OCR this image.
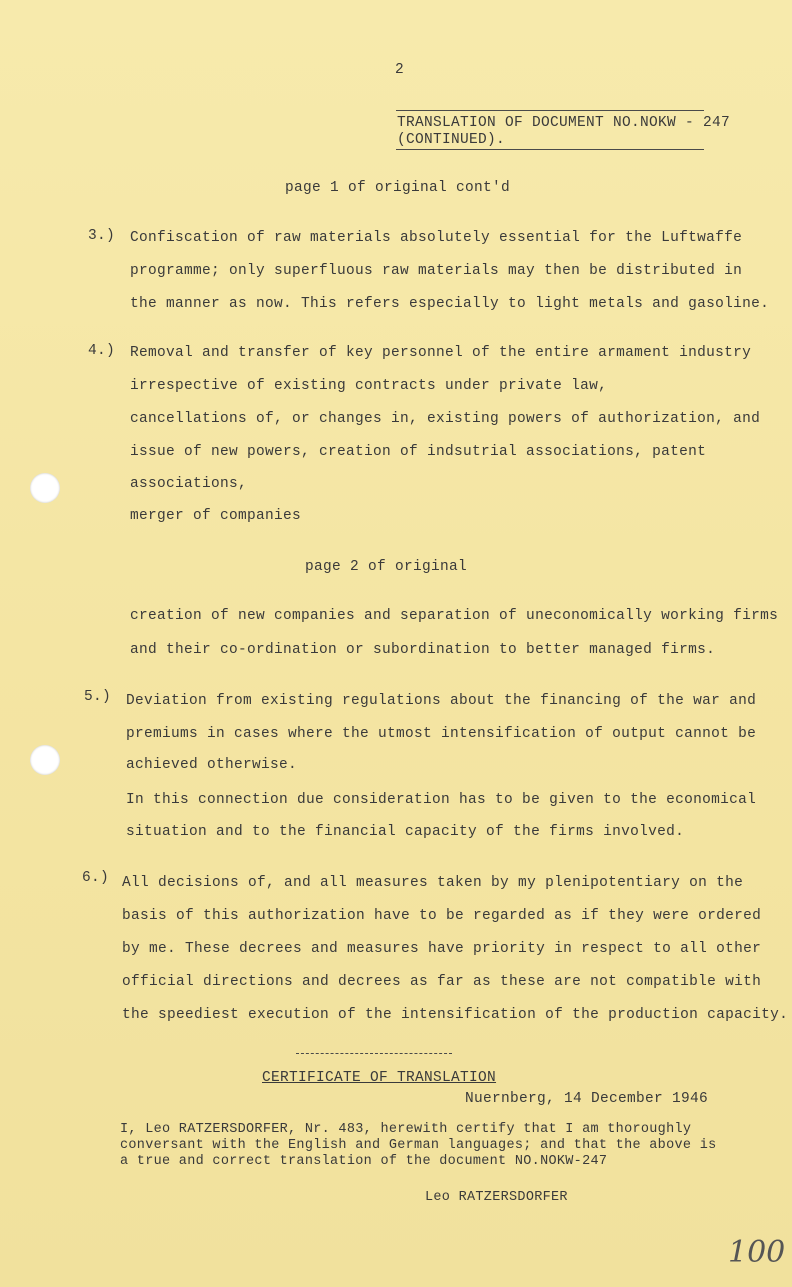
2
TRANSLATION OF DOCUMENT NO.NOKW - 247
(CONTINUED).
page 1 of original cont'd
3.) Confiscation of raw materials absolutely essential for the Luftwaffe
programme; only superfluous raw materials may then be distributed in
the manner as now. This refers especially to light metals and gasoline.
4.) Removal and transfer of key personnel of the entire armament industry
irrespective of existing contracts under private law,
cancellations of, or changes in, existing powers of authorization, and
issue of new powers, creation of indsutrial associations, patent
associations,
merger of companies
page 2 of original
creation of new companies and separation of uneconomically working firms
and their co-ordination or subordination to better managed firms.
5.) Deviation from existing regulations about the financing of the war and
premiums in cases where the utmost intensification of output cannot be
achieved otherwise.
In this connection due consideration has to be given to the economical
situation and to the financial capacity of the firms involved.
6.) All decisions of, and all measures taken by my plenipotentiary on the
basis of this authorization have to be regarded as if they were ordered
by me. These decrees and measures have priority in respect to all other
official directions and decrees as far as these are not compatible with
the speediest execution of the intensification of the production capacity.
CERTIFICATE OF TRANSLATION
Nuernberg, 14 December 1946
I, Leo RATZERSDORFER, Nr. 483, herewith certify that I am thoroughly
conversant with the English and German languages; and that the above is
a true and correct translation of the document NO.NOKW-247
Leo RATZERSDORFER
100
